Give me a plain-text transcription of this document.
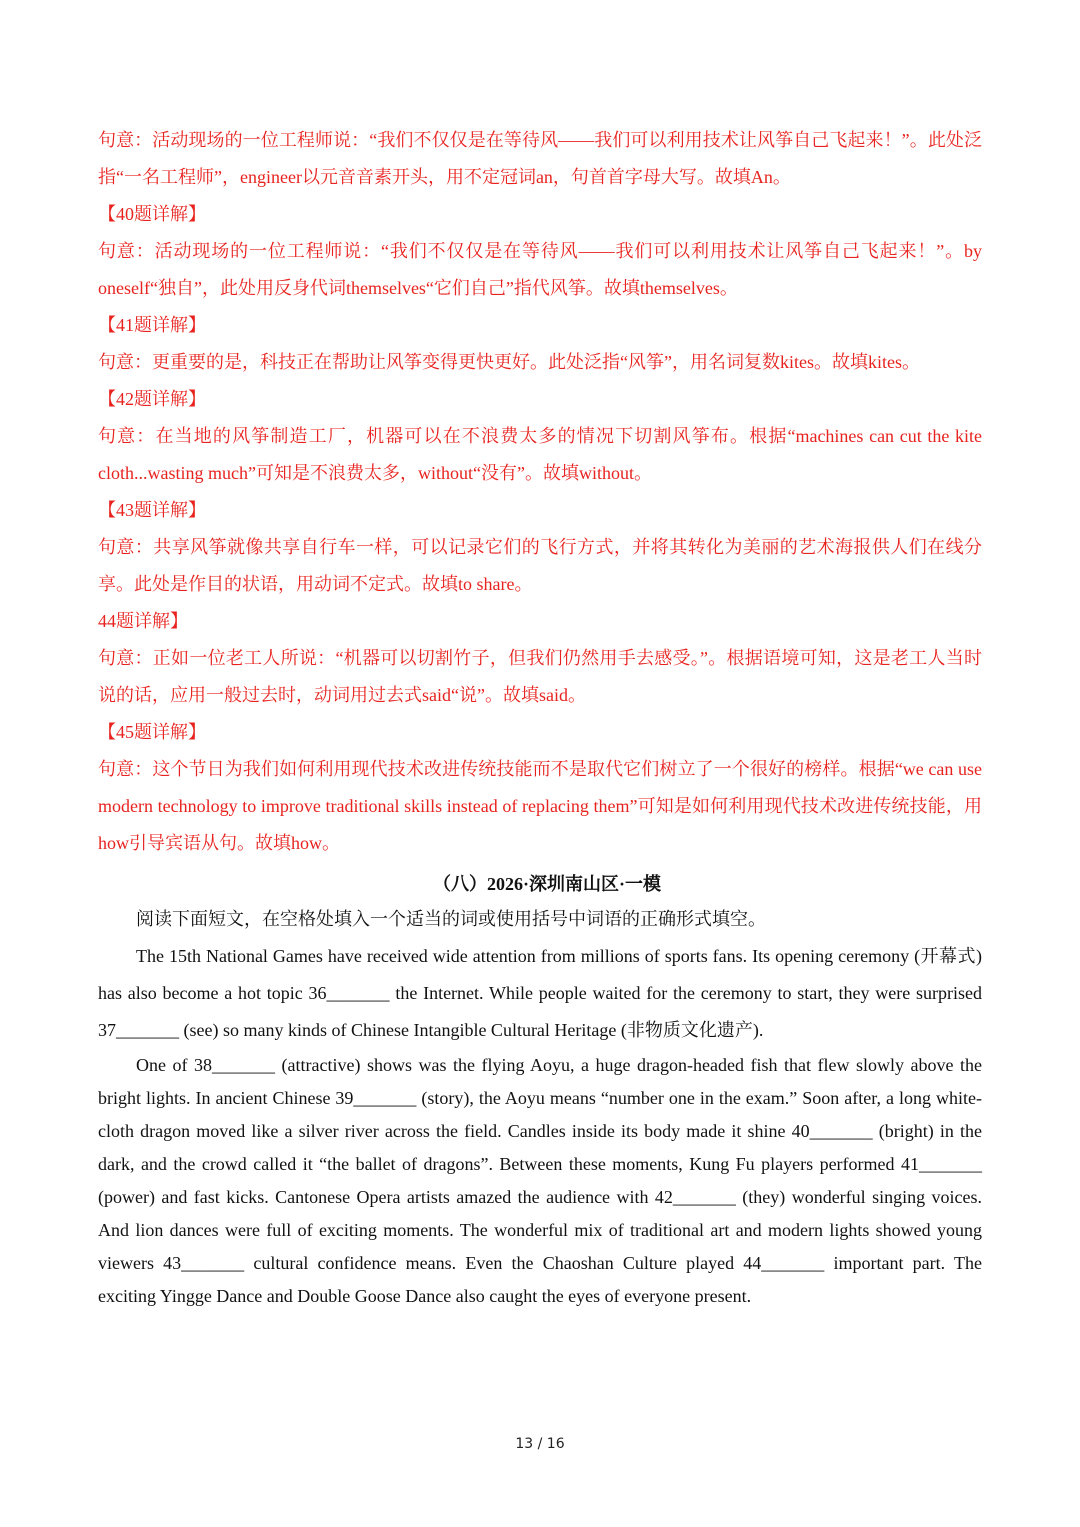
句意：活动现场的一位工程师说：“我们不仅仅是在等待风——我们可以利用技术让风筝自己飞起来！”。此处泛指“一名工程师”，engineer以元音音素开头，用不定冠词an，句首首字母大写。故填An。

【40题详解】

句意：活动现场的一位工程师说：“我们不仅仅是在等待风——我们可以利用技术让风筝自己飞起来！”。by oneself“独自”，此处用反身代词themselves“它们自己”指代风筝。故填themselves。

【41题详解】

句意：更重要的是，科技正在帮助让风筝变得更快更好。此处泛指“风筝”，用名词复数kites。故填kites。

【42题详解】

句意：在当地的风筝制造工厂，机器可以在不浪费太多的情况下切割风筝布。根据“machines can cut the kite cloth...wasting much”可知是不浪费太多，without“没有”。故填without。

【43题详解】

句意：共享风筝就像共享自行车一样，可以记录它们的飞行方式，并将其转化为美丽的艺术海报供人们在线分享。此处是作目的状语，用动词不定式。故填to share。

44题详解】

句意：正如一位老工人所说：“机器可以切割竹子，但我们仍然用手去感受。”。根据语境可知，这是老工人当时说的话，应用一般过去时，动词用过去式said“说”。故填said。

【45题详解】

句意：这个节日为我们如何利用现代技术改进传统技能而不是取代它们树立了一个很好的榜样。根据“we can use modern technology to improve traditional skills instead of replacing them”可知是如何利用现代技术改进传统技能，用how引导宾语从句。故填how。

（八）2026·深圳南山区·一模

阅读下面短文，在空格处填入一个适当的词或使用括号中词语的正确形式填空。

The 15th National Games have received wide attention from millions of sports fans. Its opening ceremony (开幕式) has also become a hot topic 36_______ the Internet. While people waited for the ceremony to start, they were surprised 37_______ (see) so many kinds of Chinese Intangible Cultural Heritage (非物质文化遗产).

One of 38_______ (attractive) shows was the flying Aoyu, a huge dragon-headed fish that flew slowly above the bright lights. In ancient Chinese 39_______ (story), the Aoyu means “number one in the exam.” Soon after, a long white-cloth dragon moved like a silver river across the field. Candles inside its body made it shine 40_______ (bright) in the dark, and the crowd called it “the ballet of dragons”. Between these moments, Kung Fu players performed 41_______ (power) and fast kicks. Cantonese Opera artists amazed the audience with 42_______ (they) wonderful singing voices. And lion dances were full of exciting moments. The wonderful mix of traditional art and modern lights showed young viewers 43_______ cultural confidence means. Even the Chaoshan Culture played 44_______ important part. The exciting Yingge Dance and Double Goose Dance also caught the eyes of everyone present.

13 / 16
